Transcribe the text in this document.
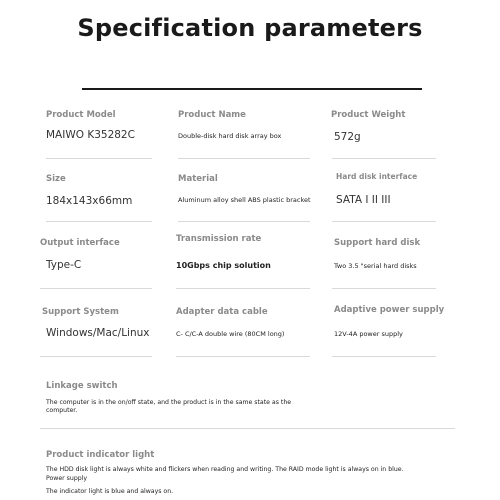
Specification parameters
Product Model
MAIWO K35282C
Product Name
Double-disk hard disk array box
Product Weight
572g
Size
184x143x66mm
Material
Aluminum alloy shell ABS plastic bracket
Hard disk interface
SATA I II III
Output interface
Type-C
Transmission rate
10Gbps chip solution
Support hard disk
Two 3.5 "serial hard disks
Support System
Windows/Mac/Linux
Adapter data cable
C- C/C-A double wire (80CM long)
Adaptive power supply
12V-4A power supply
Linkage switch
The computer is in the on/off state, and the product is in the same state as the
computer.
Product indicator light
The HDD disk light is always white and flickers when reading and writing. The RAID mode light is always on in blue.
Power supply
The indicator light is blue and always on.
